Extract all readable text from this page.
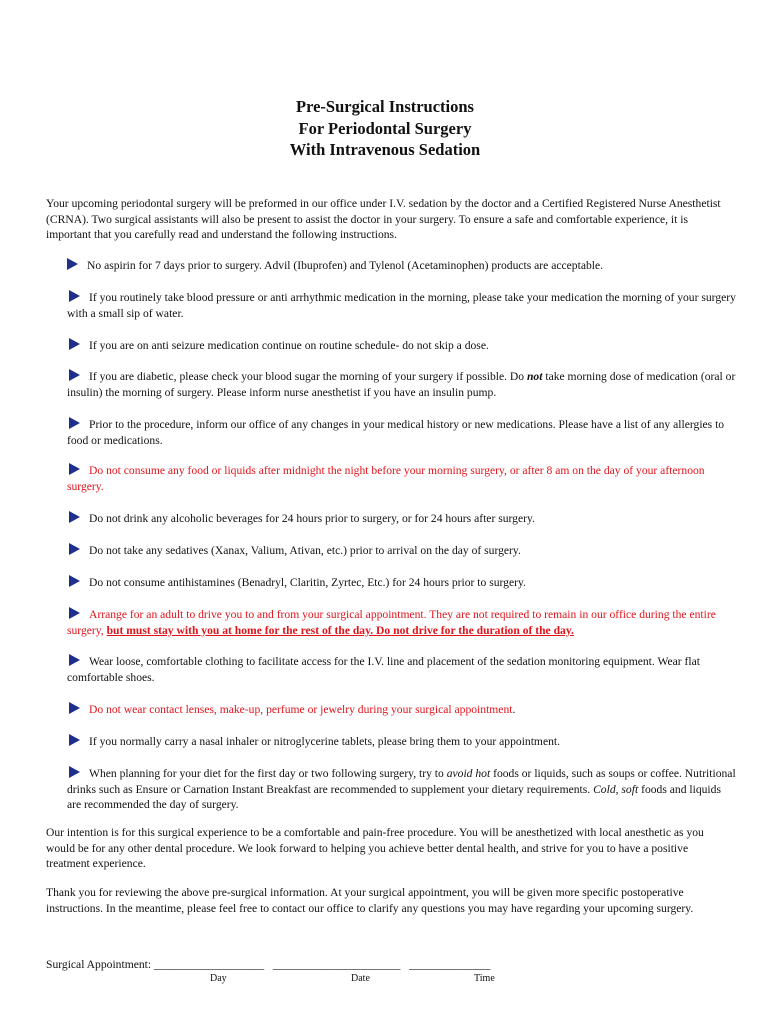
Pre-Surgical Instructions
For Periodontal Surgery
With Intravenous Sedation
Your upcoming periodontal surgery will be preformed in our office under I.V. sedation by the doctor and a Certified Registered Nurse Anesthetist (CRNA). Two surgical assistants will also be present to assist the doctor in your surgery. To ensure a safe and comfortable experience, it is important that you carefully read and understand the following instructions.
No aspirin for 7 days prior to surgery. Advil (Ibuprofen) and Tylenol (Acetaminophen) products are acceptable.
If you routinely take blood pressure or anti arrhythmic medication in the morning, please take your medication the morning of your surgery with a small sip of water.
If you are on anti seizure medication continue on routine schedule- do not skip a dose.
If you are diabetic, please check your blood sugar the morning of your surgery if possible. Do not take morning dose of medication (oral or insulin) the morning of surgery. Please inform nurse anesthetist if you have an insulin pump.
Prior to the procedure, inform our office of any changes in your medical history or new medications. Please have a list of any allergies to food or medications.
Do not consume any food or liquids after midnight the night before your morning surgery, or after 8 am on the day of your afternoon surgery.
Do not drink any alcoholic beverages for 24 hours prior to surgery, or for 24 hours after surgery.
Do not take any sedatives (Xanax, Valium, Ativan, etc.) prior to arrival on the day of surgery.
Do not consume antihistamines (Benadryl, Claritin, Zyrtec, Etc.) for 24 hours prior to surgery.
Arrange for an adult to drive you to and from your surgical appointment. They are not required to remain in our office during the entire surgery, but must stay with you at home for the rest of the day. Do not drive for the duration of the day.
Wear loose, comfortable clothing to facilitate access for the I.V. line and placement of the sedation monitoring equipment. Wear flat comfortable shoes.
Do not wear contact lenses, make-up, perfume or jewelry during your surgical appointment.
If you normally carry a nasal inhaler or nitroglycerine tablets, please bring them to your appointment.
When planning for your diet for the first day or two following surgery, try to avoid hot foods or liquids, such as soups or coffee. Nutritional drinks such as Ensure or Carnation Instant Breakfast are recommended to supplement your dietary requirements. Cold, soft foods and liquids are recommended the day of surgery.
Our intention is for this surgical experience to be a comfortable and pain-free procedure. You will be anesthetized with local anesthetic as you would be for any other dental procedure. We look forward to helping you achieve better dental health, and strive for you to have a positive treatment experience.
Thank you for reviewing the above pre-surgical information. At your surgical appointment, you will be given more specific postoperative instructions. In the meantime, please feel free to contact our office to clarify any questions you may have regarding your upcoming surgery.
Surgical Appointment: ___________________ ______________________ ______________
Day	Date	Time
